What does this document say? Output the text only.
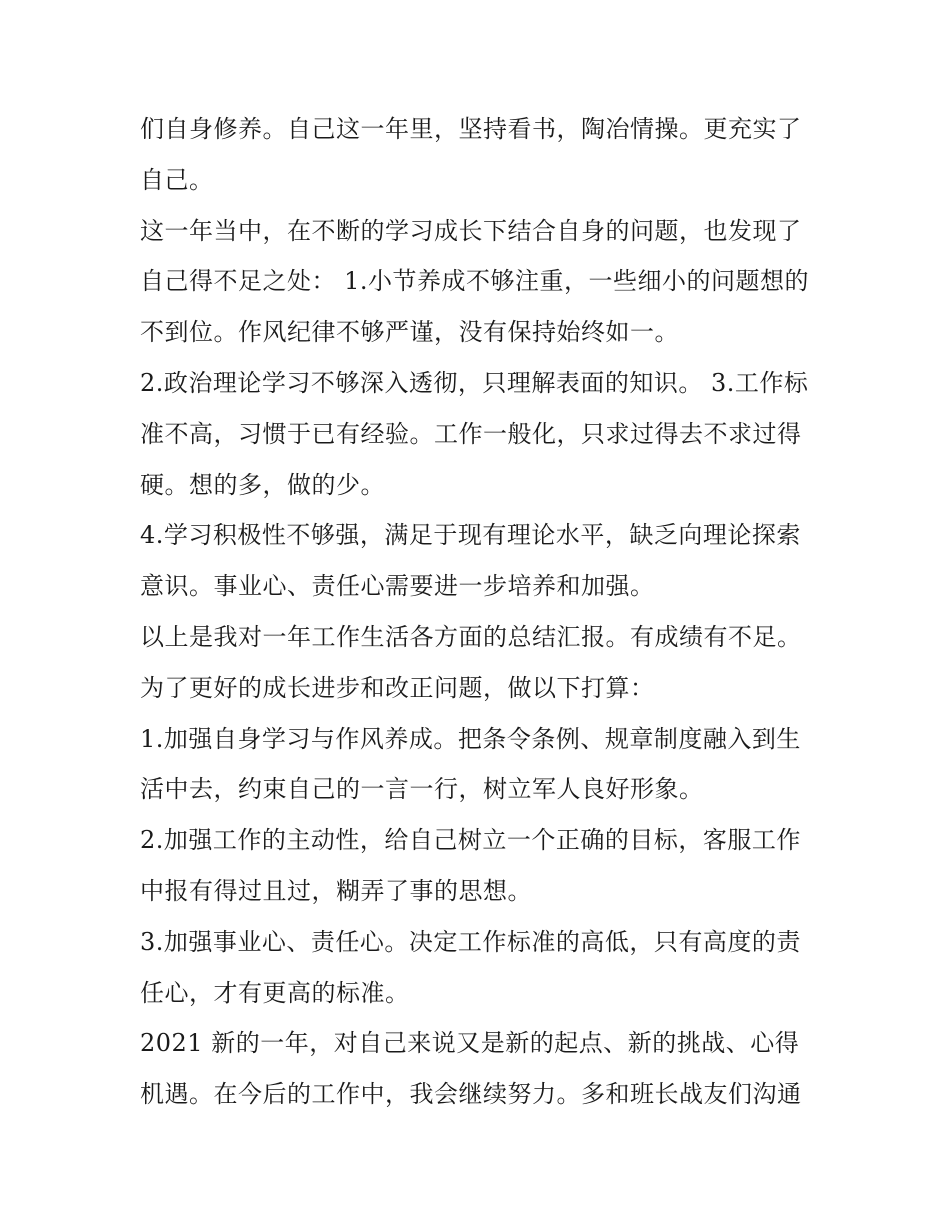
们自身修养。自己这一年里，坚持看书，陶冶情操。更充实了
自己。
这一年当中，在不断的学习成长下结合自身的问题，也发现了
自己得不足之处： 1.小节养成不够注重，一些细小的问题想的
不到位。作风纪律不够严谨，没有保持始终如一。
2.政治理论学习不够深入透彻，只理解表面的知识。 3.工作标
准不高，习惯于已有经验。工作一般化，只求过得去不求过得
硬。想的多，做的少。
4.学习积极性不够强，满足于现有理论水平，缺乏向理论探索
意识。事业心、责任心需要进一步培养和加强。
以上是我对一年工作生活各方面的总结汇报。有成绩有不足。
为了更好的成长进步和改正问题，做以下打算：
1.加强自身学习与作风养成。把条令条例、规章制度融入到生
活中去，约束自己的一言一行，树立军人良好形象。
2.加强工作的主动性，给自己树立一个正确的目标，客服工作
中报有得过且过，糊弄了事的思想。
3.加强事业心、责任心。决定工作标准的高低，只有高度的责
任心，才有更高的标准。
2021 新的一年，对自己来说又是新的起点、新的挑战、心得
机遇。在今后的工作中，我会继续努力。多和班长战友们沟通
